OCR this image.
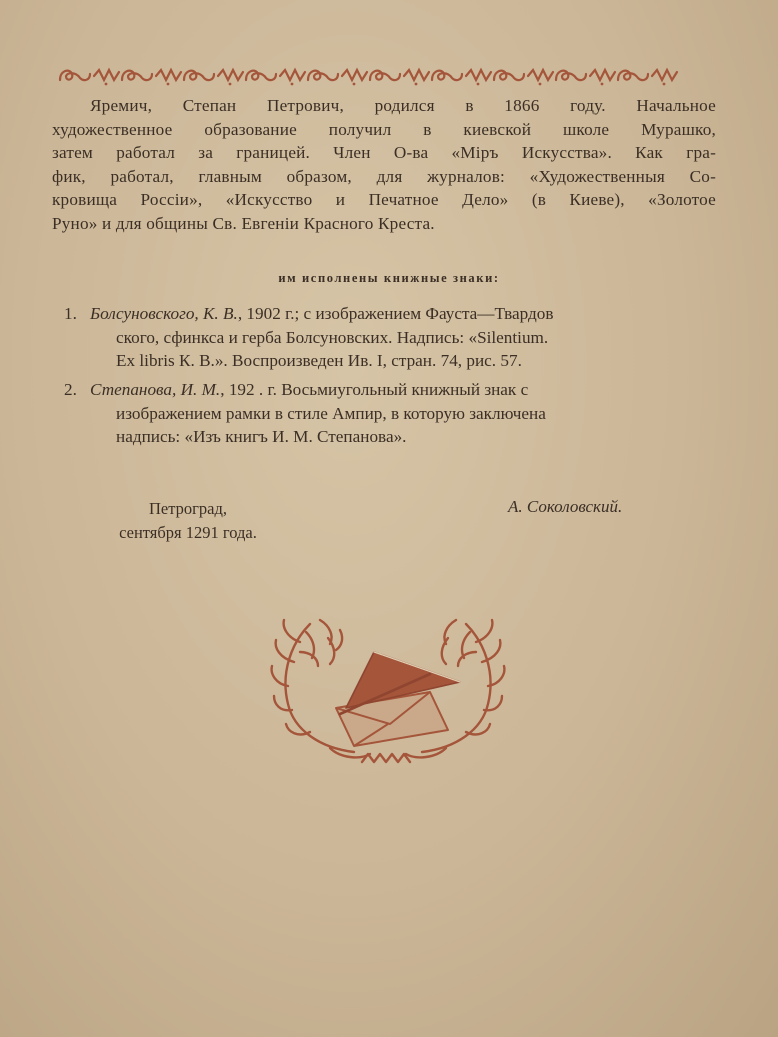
Яремич, Степан Петрович, родился в 1866 году. Начальное
художественное образование получил в киевской школе Мурашко,
затем работал за границей. Член О-ва «Міръ Искусства». Как гра-
фик, работал, главным образом, для журналов: «Художественныя Со-
кровища Россіи», «Искусство и Печатное Дело» (в Киеве), «Золотое
Руно» и для общины Св. Евгеніи Красного Креста.
им исполнены книжные знаки:
1. Болсуновского, К. В., 1902 г.; с изображением Фауста—Твардов
ского, сфинкса и герба Болсуновских. Надпись: «Silentium.
Ex libris К. В.». Воспроизведен Ив. I, стран. 74, рис. 57.
2. Степанова, И. М., 192 . г. Восьмиугольный книжный знак с
изображением рамки в стиле Ампир, в которую заключена
надпись: «Изъ книгъ И. М. Степанова».
Петроград,
сентября 1291 года.
А. Соколовский.
